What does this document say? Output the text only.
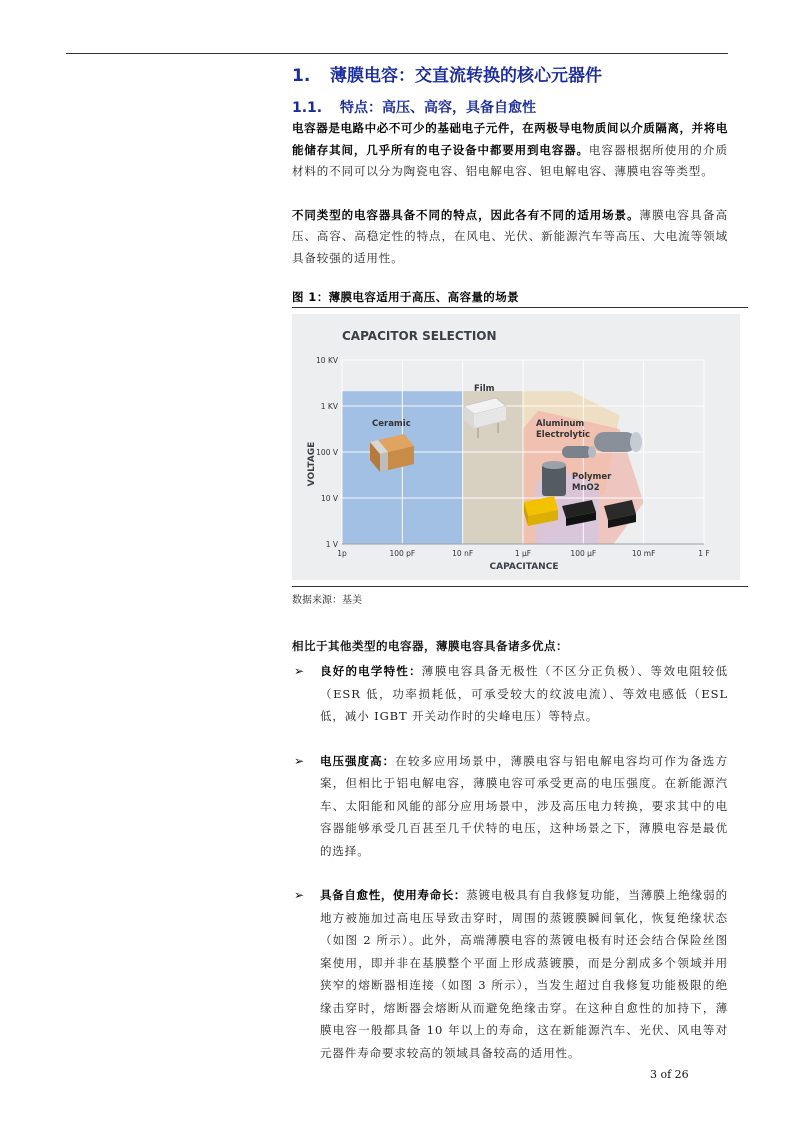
1. 薄膜电容：交直流转换的核心元器件
1.1. 特点：高压、高容，具备自愈性

电容器是电路中必不可少的基础电子元件，在两极导电物质间以介质隔离，并将电能储存其间，几乎所有的电子设备中都要用到电容器。电容器根据所使用的介质材料的不同可以分为陶瓷电容、铝电解电容、钽电解电容、薄膜电容等类型。

不同类型的电容器具备不同的特点，因此各有不同的适用场景。薄膜电容具备高压、高容、高稳定性的特点，在风电、光伏、新能源汽车等高压、大电流等领域具备较强的适用性。

图 1：薄膜电容适用于高压、高容量的场景
CAPACITOR SELECTION
1p	100 pF	10 nF	1 μF	100 μF	10 mF	1 F
1 V
10 V
100 V
1 KV
10 KV
VOLTAGE
CAPACITANCE
Ceramic
Film
Aluminum Electrolytic
Polymer MnO2
数据来源：基美
相比于其他类型的电容器，薄膜电容具备诸多优点：
➢ 良好的电学特性：薄膜电容具备无极性（不区分正负极）、等效电阻较低（ESR 低，功率损耗低，可承受较大的纹波电流）、等效电感低（ESL 低，减小 IGBT 开关动作时的尖峰电压）等特点。

➢ 电压强度高：在较多应用场景中，薄膜电容与铝电解电容均可作为备选方案，但相比于铝电解电容，薄膜电容可承受更高的电压强度。在新能源汽车、太阳能和风能的部分应用场景中，涉及高压电力转换，要求其中的电容器能够承受几百甚至几千伏特的电压，这种场景之下，薄膜电容是最优的选择。

➢ 具备自愈性，使用寿命长：蒸镀电极具有自我修复功能，当薄膜上绝缘弱的地方被施加过高电压导致击穿时，周围的蒸镀膜瞬间氧化，恢复绝缘状态（如图 2 所示）。此外，高端薄膜电容的蒸镀电极有时还会结合保险丝图案使用，即并非在基膜整个平面上形成蒸镀膜，而是分割成多个领域并用狭窄的熔断器相连接（如图 3 所示），当发生超过自我修复功能极限的绝缘击穿时，熔断器会熔断从而避免绝缘击穿。在这种自愈性的加持下，薄膜电容一般都具备 10 年以上的寿命，这在新能源汽车、光伏、风电等对元器件寿命要求较高的领域具备较高的适用性。

3 of 26
